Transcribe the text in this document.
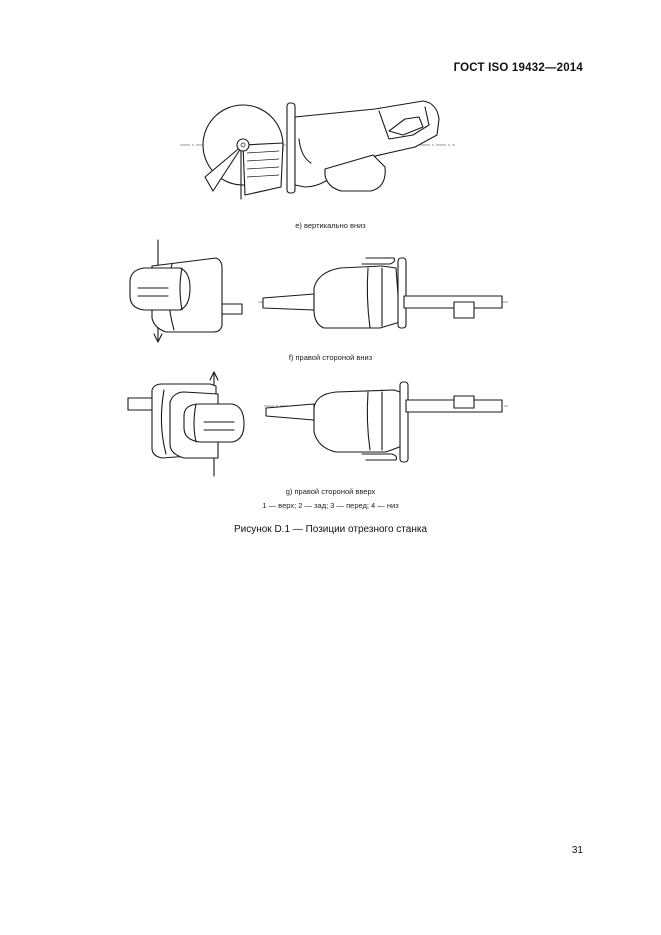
ГОСТ ISO 19432—2014
e) вертикально вниз
f) правой стороной вниз
g) правой стороной вверх
1 — верх; 2 — зад; 3 — перед; 4 — низ
Рисунок D.1 — Позиции отрезного станка
31
